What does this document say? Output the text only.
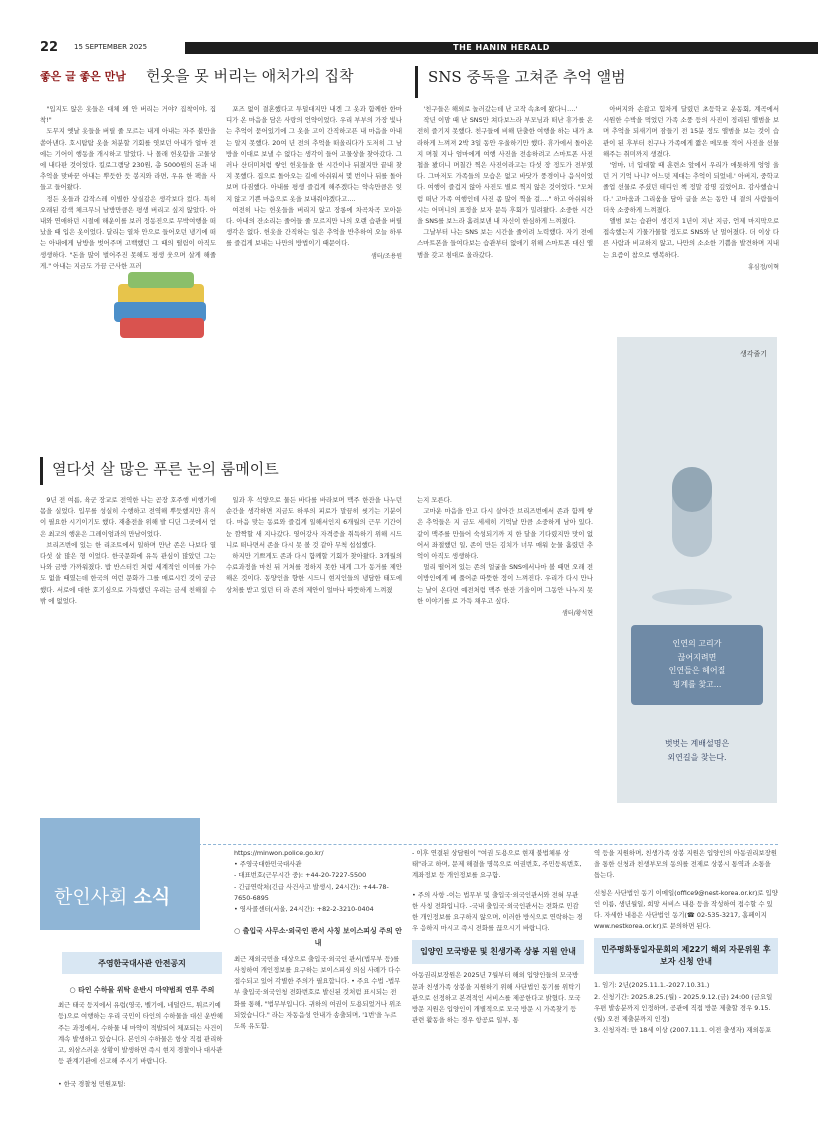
22 15 SEPTEMBER 2025	THE HANIN HERALD
좋은 글 좋은 만남 헌옷을 못 버리는 애처가의 집착

"입지도 않은 옷들은 대체 왜 안 버리는 거야? 집착이야, 집착!"

도무지 옛날 옷들을 버릴 줄 모르는 내게 아내는 자주 불만을 쏟아낸다. 호시탐탐 옷을 처분할 기회를 엿보던 아내가 얼마 전에는 기어이 행동을 개시하고 말았다. 나 몰래 헌옷함을 고물상에 내다판 것이었다. 킬로그램당 230원, 총 5000원의 돈과 내 추억을 맞바꾼 아내는 뿌듯한 듯 봉지와 라면, 우유 한 팩을 사들고 들어왔다.

정든 옷들과 갑작스레 이별한 상실감은 생각보다 컸다. 특히 오래된 감색 체크무늬 남방만큼은 평생 버리고 싶지 않았다. 아내와 연애하던 시절에 해운이를 보러 정동진으로 무박여행을 떠났을 때 입은 옷이었다. 달리는 열차 안으로 들어오던 냉기에 떠는 아내에게 남방을 벗어주며 고백했던 그 때의 떨림이 아직도 생생하다. "돈을 많이 벌어주진 못해도 평생 웃으며 살게 해줄게." 아내는 지금도 가끔 근사한 프러

포즈 없이 결혼했다고 투덜대지만 내겐 그 옷과 함께한 한마디가 온 마음을 담은 사랑의 언약이었다. 우리 부부의 가장 빛나는 추억이 묻어있기에 그 옷을 고이 간직하고픈 내 마음을 아내는 알지 못했다. 20여 년 전의 추억을 떠올리다가 도저히 그 남방을 이대로 보낼 수 없다는 생각이 들어 고물상을 찾아갔다. 그러나 산더미처럼 쌓인 헌옷들을 한 시간이나 뒤졌지만 끝내 찾지 못했다. 집으로 돌아오는 길에 아쉬워서 몇 번이나 뒤를 돌아보며 다짐했다. 아내를 평생 즐겁게 해주겠다는 약속만큼은 잊지 않고 기쁜 마음으로 옷을 보내줘야겠다고….

여전히 나는 헌옷들을 버리지 않고 장롱에 차곡차곡 모아둔다. 아내의 잔소리는 줄어들 줄 모르지만 나의 오랜 습관을 버릴 생각은 없다. 헌옷을 간직하는 일은 추억을 반추하여 오늘 하루를 즐겁게 보내는 나만의 방법이기 때문이다.

샘터/조용원
SNS 중독을 고쳐준 추억 앨범

'친구들은 해외로 놀러갔는데 난 고작 속초에 왔다니….'

작년 이맘 때 난 SNS만 쳐다보느라 부모님과 떠난 휴가를 온전히 즐기지 못했다. 친구들에 비해 단출한 여행을 하는 내가 초라하게 느껴져 2박 3일 동안 우울하기만 했다. 휴가에서 돌아온 지 며칠 지나 엄마에게 여행 사진을 전송하려고 스마트폰 사진첩을 봤더니 며칠간 찍은 사진이라고는 다섯 장 정도가 전부였다. 그마저도 가족들의 모습은 없고 바닷가 풍경이나 음식이었다. 여행이 즐겁지 않아 사진도 별로 찍지 않은 것이었다. "모처럼 떠난 가족 여행인데 사진 좀 많이 찍을 걸…." 하고 아쉬워하시는 어머니의 표정을 보자 문득 후회가 밀려왔다. 소중한 시간을 SNS를 보느라 흘려보낸 내 자신이 한심하게 느껴졌다.

그날부터 나는 SNS 보는 시간을 줄이려 노력했다. 자기 전에 스마트폰을 들여다보는 습관부터 없애기 위해 스마트폰 대신 앨범을 갖고 침대로 올라갔다.

아버지와 손잡고 힘차게 달렸던 초등학교 운동회, 계곡에서 시원한 수박을 먹었던 가족 소풍 등의 사진이 정리된 앨범을 보며 추억을 되새기며 잠들기 전 15분 정도 앨범을 보는 것이 습관이 된 후부터 친구나 가족에게 짧은 메모를 적어 사진을 선물해주는 취미까지 생겼다.

'엄마, 너 입대할 때 훈련소 앞에서 우리가 애틋하게 엉엉 울던 거 기억 나니? 어느덧 제대는 추억이 되었네.' 아버지, 중학교 졸업 선물로 주셨던 테디인 책 정말 감명 깊었어요. 감사했습니다.' 고마움과 그리움을 담아 글을 쓰는 동안 내 곁의 사람들이 더욱 소중하게 느껴졌다.

앨범 보는 습관이 생긴지 1년이 지난 지금, 언제 마지막으로 접속했는지 기물가물할 정도로 SNS와 난 멀어졌다. 더 이상 다른 사람과 비교하지 않고, 나만의 소소한 기쁨을 발견하며 지내는 요즘이 참으로 행복하다.

휴심정/이혁
열다섯 살 많은 푸른 눈의 룸메이트

9년 전 여름, 육군 장교로 전역한 나는 곧장 호주행 비행기에 몸을 실었다. 입무를 성실히 수행하고 전역해 뿌듯했지만 휴식이 필요한 시기이기도 했다. 재충전을 위해 발 디딘 그곳에서 얻은 최고의 행운은 그레이엄과의 만남이었다.

브리즈번에 있는 한 리조트에서 일하며 만난 존은 나보다 열다섯 살 많은 형 이었다. 한국문화에 유독 관심이 많았던 그는 나와 금방 가까워졌다. 밥 반스터킨 처럼 세계적인 이미를 가수도 없을 때였는데 한국의 여런 문화가 그를 매료시킨 것이 궁금했다. 서로에 대한 호기심으로 가득했던 우리는 금세 친해질 수밖 에 없었다.

일과 후 석양으로 물든 바다를 바라보며 맥주 한잔을 나누던 순간을 생각하면 지금도 하루의 피로가 말끔히 씻기는 기분이다. 마음 맞는 동료와 즐겁게 일해서인지 6개월의 근무 기간이 눈 깜짝할 새 지나갔다. 영어강사 자격증을 취득하기 위해 시드니로 떠나면서 존을 다시 못 볼 것 같아 무척 섭섭했다.

하지만 기쁘게도 존과 다시 함께할 기회가 찾아왔다. 3개월의 수료과정을 마친 뒤 거처를 정하지 못한 내게 그가 동거를 제안해온 것이다. 동양인을 향한 시드니 현지인들의 냉담한 태도에 상처를 받고 있던 터 라 존의 제안이 얼마나 따뜻하게 느껴졌

는지 모른다.

고마운 마음을 안고 다시 살아간 브리즈번에서 존과 함께 쌓은 추억들은 지 금도 세세히 기억날 만큼 소중하게 남아 있다. 같이 맥주를 만들어 숙성되기까 지 한 달을 기다렸지만 맛이 없어서 좌절했던 일, 존이 만든 김치가 너무 매워 눈물 흘렸던 추억이 아직도 생생하다.

멀리 떨어져 있는 존의 얼굴을 SNS에서나마 볼 때면 오래 전 이방인에게 베 풀어준 따뜻한 정이 느껴진다. 우리가 다시 만나는 날이 온다면 예전처럼 맥주 한잔 기울이며 그동안 나누지 못한 이야기를 로 가득 채우고 싶다.

샘터/황석현
생각줄기
인연의 고리가
끊어지려면
인연들은 헤어질
핑계를 찾고...
벗벗는 계배설명은
외연길을 찾는다.
한인사회 소식
주영한국대사관 안전공지
○ 타인 수하물 위탁 운반시 마약범죄 연루 주의
최근 태국 등지에서 유럽(영국, 벨기에, 네덜란드, 튀르키예 등)으로 여행하는 우리 국민이 타인의 수하물을 대신 운반해 주는 과정에서, 수하물 내 마약이 적발되어 체포되는 사건이 계속 발생하고 있습니다. 본인의 수하물은 항상 직접 관리하고, 외삼스러운 상황이 발생하면 즉시 현지 경찰이나 대사관 등 관계기관에 신고해 주시기 바랍니다.
• 한국 경찰청 민원포털:
https://minwon.police.go.kr/
• 주영국대한민국대사관
- 대표번호(근무시간 중): +44-20-7227-5500
- 긴급연락처(긴급 사건사고 발생시, 24시간): +44-78-7650-6895
• 영사콜센터(서울, 24시간): +82-2-3210-0404
○ 출입국 사무소·외국인 관서 사칭 보이스피싱 주의 안내
최근 재외국민을 대상으로 출입국·외국인 관서(법무부 등)를 사칭하여 개인정보를 요구하는 보이스피싱 의심 사례가 다수 접수되고 있어 각별한 주의가 필요합니다. • 주요 수법 -법무부 출입국·외국인청 전화번호로 발신된 것처럼 표시되는 전화를 통해, "법무부입니다. 귀하의 여권이 도용되었거나 위조되었습니다." 라는 자동음성 안내가 송출되며, '1번'을 누르도록 유도함.
- 이후 연결된 상담원이 "여권 도용으로 현재 불법체류 상태"라고 하며, 문제 해결을 명목으로 여권번호, 주민등록번호, 계좌정보 등 개인정보를 요구함.
• 주의 사항 -이는 법무부 및 출입국·외국인관서와 전혀 무관한 사칭 전화입니다. -국내 출입국·외국인관서는 전화로 민감한 개인정보를 요구하지 않으며, 이러한 방식으로 연락하는 경우 응하지 마시고 즉시 전화를 끊으시기 바랍니다.
입양인 모국방문 및 친생가족 상봉 지원 안내
아동권리보장원은 2025년 7월부터 해외 입양인들의 모국방문과 친생가족 상봉을 지원하기 위해 사단법인 동기를 위탁기관으로 선정하고 본격적인 서비스를 제공한다고 밝혔다. 모국방문 지원은 입양인이 개별적으로 모국 방문 시 가족찾기 등 관련 활동을 하는 경우 항공료 일부, 통
역 등을 지원하며, 친생가족 상봉 지원은 입양인의 아동권리보장원을 통한 신청과 친생부모의 동의를 전제로 상봉시 통역과 소통을 돕는다.
신청은 사단법인 동기 이메일(office9@nest-korea.or.kr)로 입양인 이름, 생년월일, 희망 서비스 내용 등을 작성하여 접수할 수 있다. 자세한 내용은 사단법인 동기(☎ 02-535-3217, 홈페이지 www.nestkorea.or.kr)로 문의하면 된다.
민주평화통일자문회의 제22기 해외 자문위원 후보자 신청 안내
1. 임기: 2년(2025.11.1.-2027.10.31.)
2. 신청기간: 2025.8.25.(월) - 2025.9.12.(금) 24:00 (금요일 우편 발송분까지 인정하며, 공관에 직접 방문 제출할 경우 9.15.(월) 오전 제출분까지 인정)
3. 신청자격: 만 18세 이상 (2007.11.1. 이전 출생자) 재외동포
